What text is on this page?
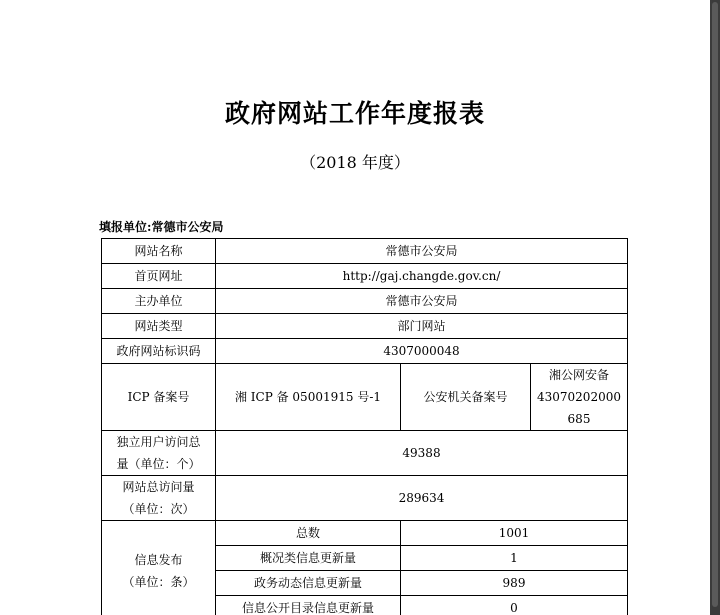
政府网站工作年度报表
（2018 年度）
填报单位:常德市公安局
网站名称	常德市公安局		
首页网址	http://gaj.changde.gov.cn/		
主办单位	常德市公安局		
网站类型	部门网站		
政府网站标识码	4307000048		
ICP 备案号	湘 ICP 备 05001915 号-1	公安机关备案号	湘公网安备
43070202000
685

独立用户访问总
量（单位：个）	49388		

网站总访问量
（单位：次）	289634		

信息发布
（单位：条）	总数	1001	
	概况类信息更新量	1	
	政务动态信息更新量	989	
	信息公开目录信息更新量	0	
